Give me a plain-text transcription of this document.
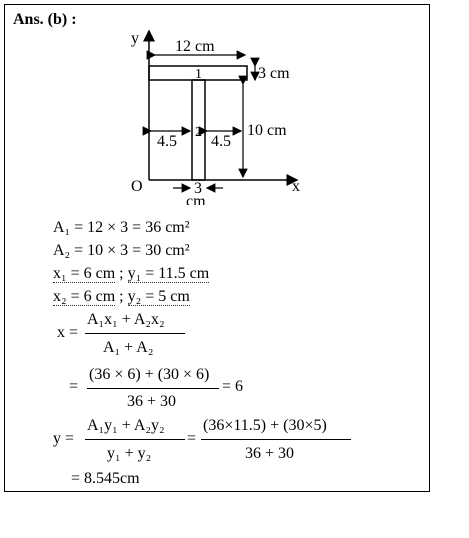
Ans. (b) :
y
x
O
1
2
12 cm
3 cm
10 cm
4.5 4.5
3
cm
A₁ = 12 × 3 = 36 cm²
A₂ = 10 × 3 = 30 cm²
x₁ = 6 cm ; y₁ = 11.5 cm
x₂ = 6 cm ; y₂ = 5 cm
x =
A₁x₁ + A₂x₂
A₁ + A₂
=
(36 × 6) + (30 × 6)
36 + 30
= 6
y =
A₁y₁ + A₂y₂
y₁ + y₂
=
(36×11.5) + (30×5)
36 + 30
= 8.545cm
